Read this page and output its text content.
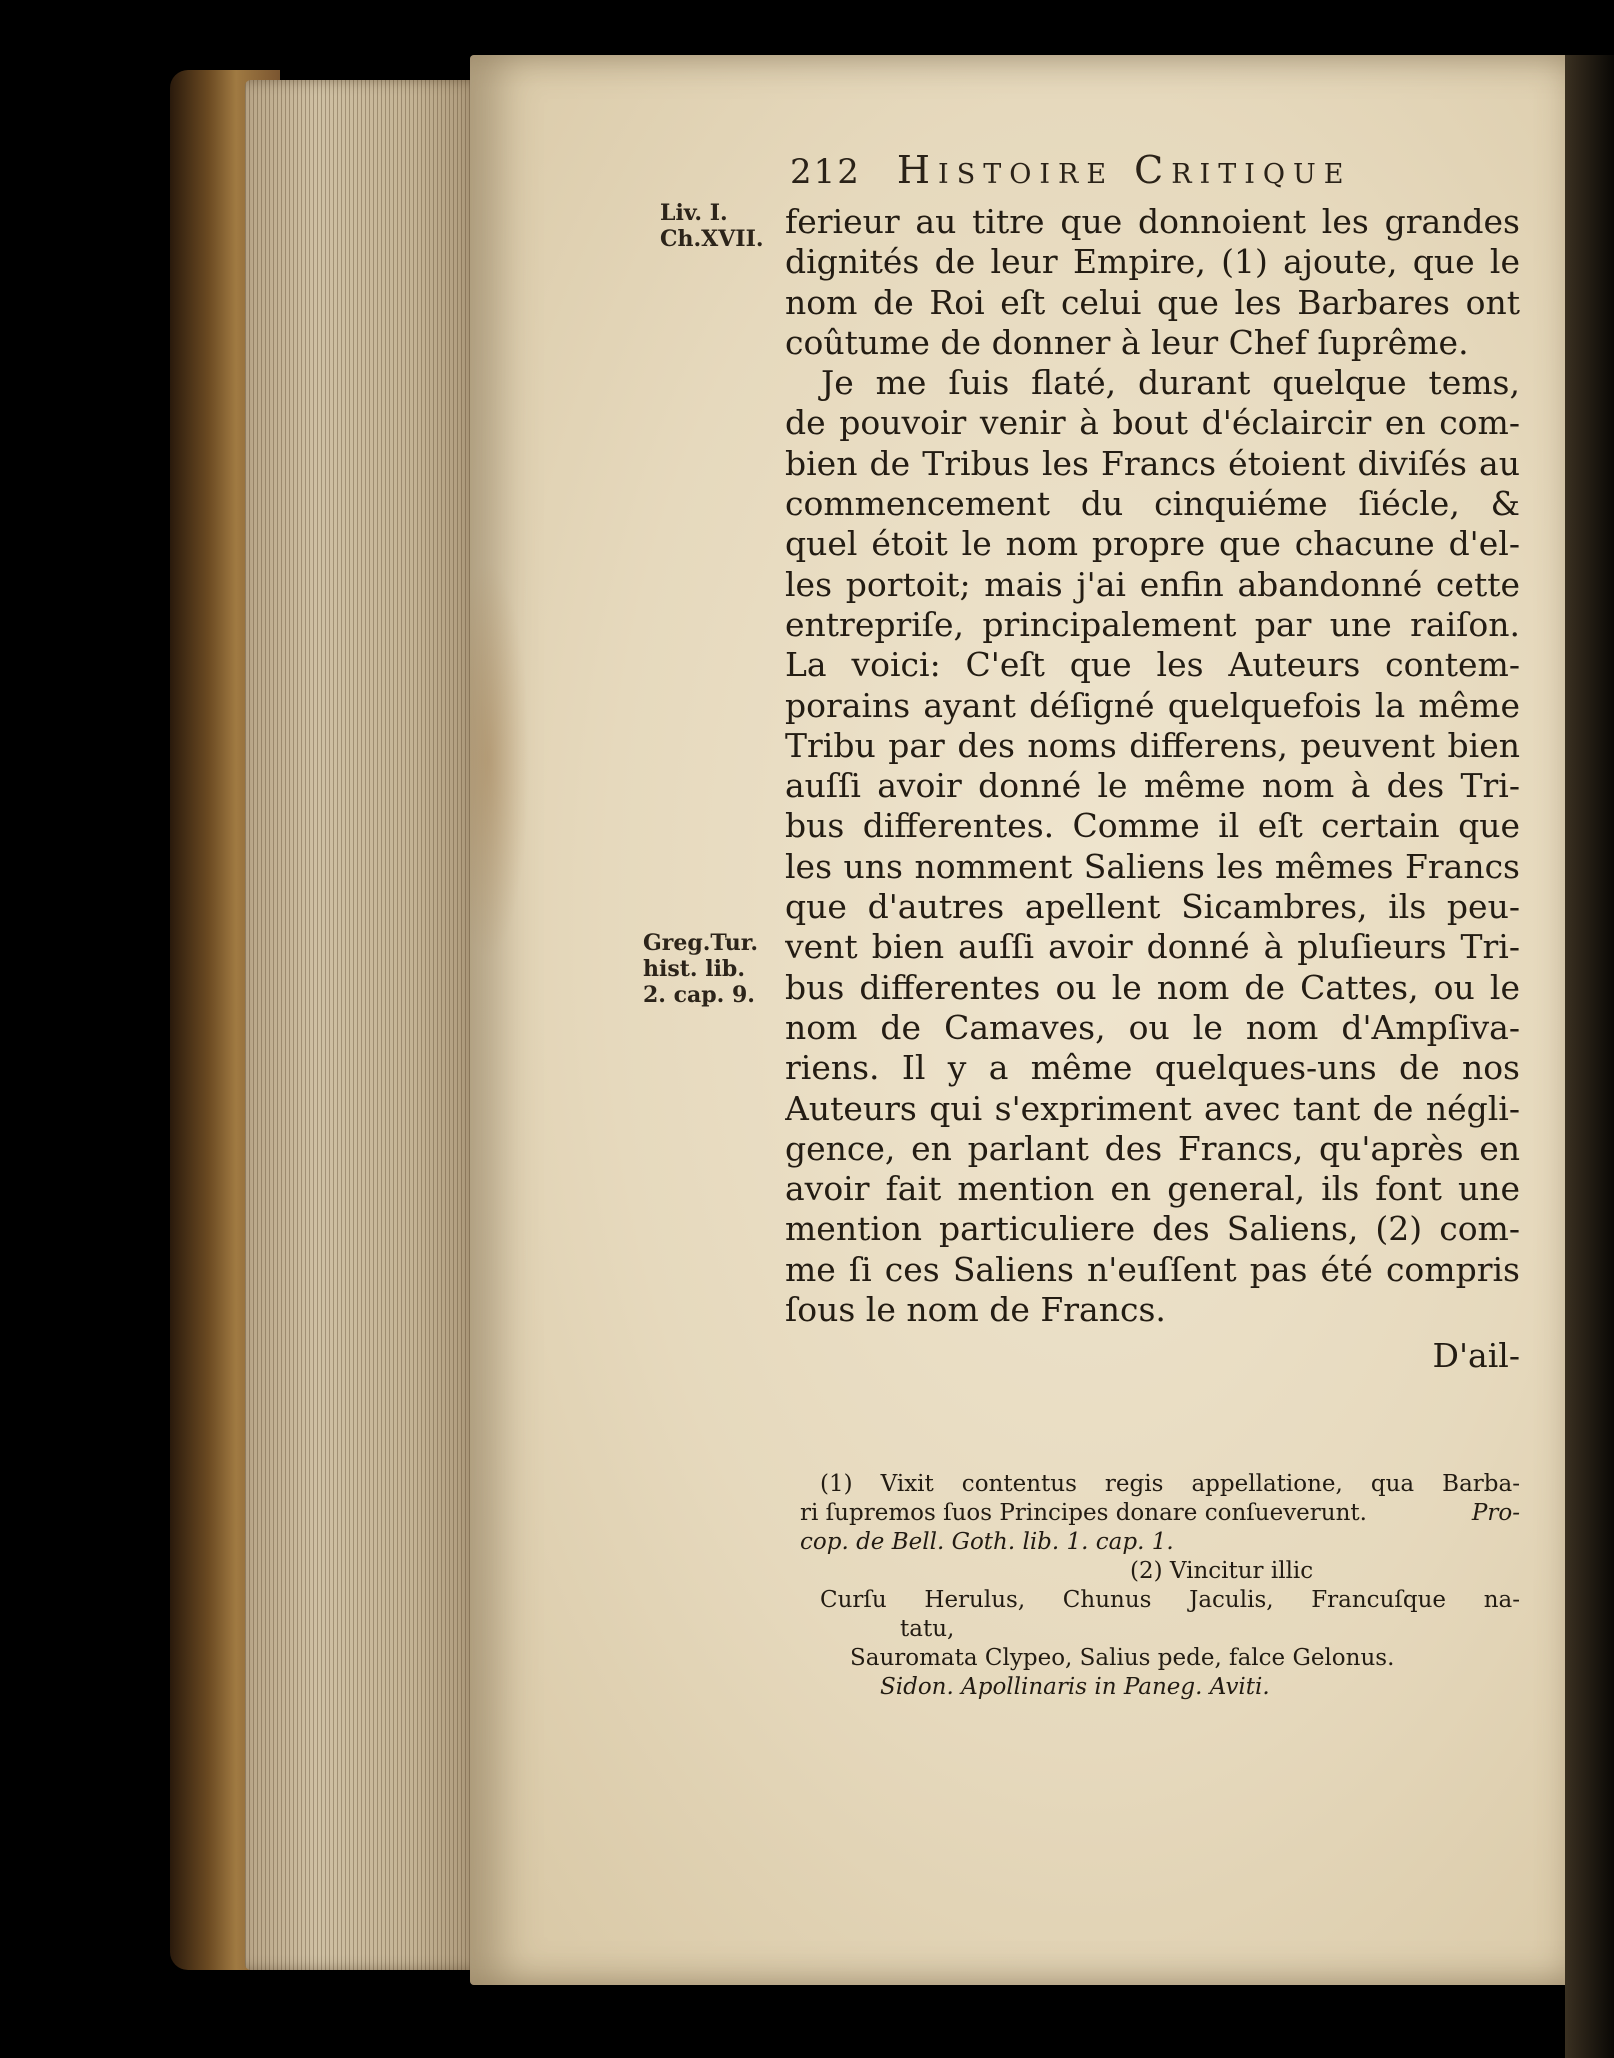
212 Histoire Critique
Liv. I.
Ch.XVII.
Greg.Tur.
hist. lib.
2. cap. 9.
ferieur au titre que donnoient les grandes
dignités de leur Empire, (1) ajoute, que le
nom de Roi eſt celui que les Barbares ont
coûtume de donner à leur Chef ſuprême.
Je me ſuis flaté, durant quelque tems,
de pouvoir venir à bout d'éclaircir en com-
bien de Tribus les Francs étoient diviſés au
commencement du cinquiéme ſiécle, &
quel étoit le nom propre que chacune d'el-
les portoit; mais j'ai enfin abandonné cette
entrepriſe, principalement par une raiſon.
La voici: C'eſt que les Auteurs contem-
porains ayant déſigné quelquefois la même
Tribu par des noms differens, peuvent bien
auſſi avoir donné le même nom à des Tri-
bus differentes. Comme il eſt certain que
les uns nomment Saliens les mêmes Francs
que d'autres apellent Sicambres, ils peu-
vent bien auſſi avoir donné à pluſieurs Tri-
bus differentes ou le nom de Cattes, ou le
nom de Camaves, ou le nom d'Ampſiva-
riens. Il y a même quelques-uns de nos
Auteurs qui s'expriment avec tant de négli-
gence, en parlant des Francs, qu'après en
avoir fait mention en general, ils font une
mention particuliere des Saliens, (2) com-
me ſi ces Saliens n'euſſent pas été compris
ſous le nom de Francs.
D'ail-
(1) Vixit contentus regis appellatione, qua Barba-
ri ſupremos ſuos Principes donare conſueverunt.	Pro-
cop. de Bell. Goth. lib. 1. cap. 1.
(2) Vincitur illic
Curſu Herulus, Chunus Jaculis, Francuſque na-
tatu,
Sauromata Clypeo, Salius pede, falce Gelonus.
Sidon. Apollinaris in Paneg. Aviti.
